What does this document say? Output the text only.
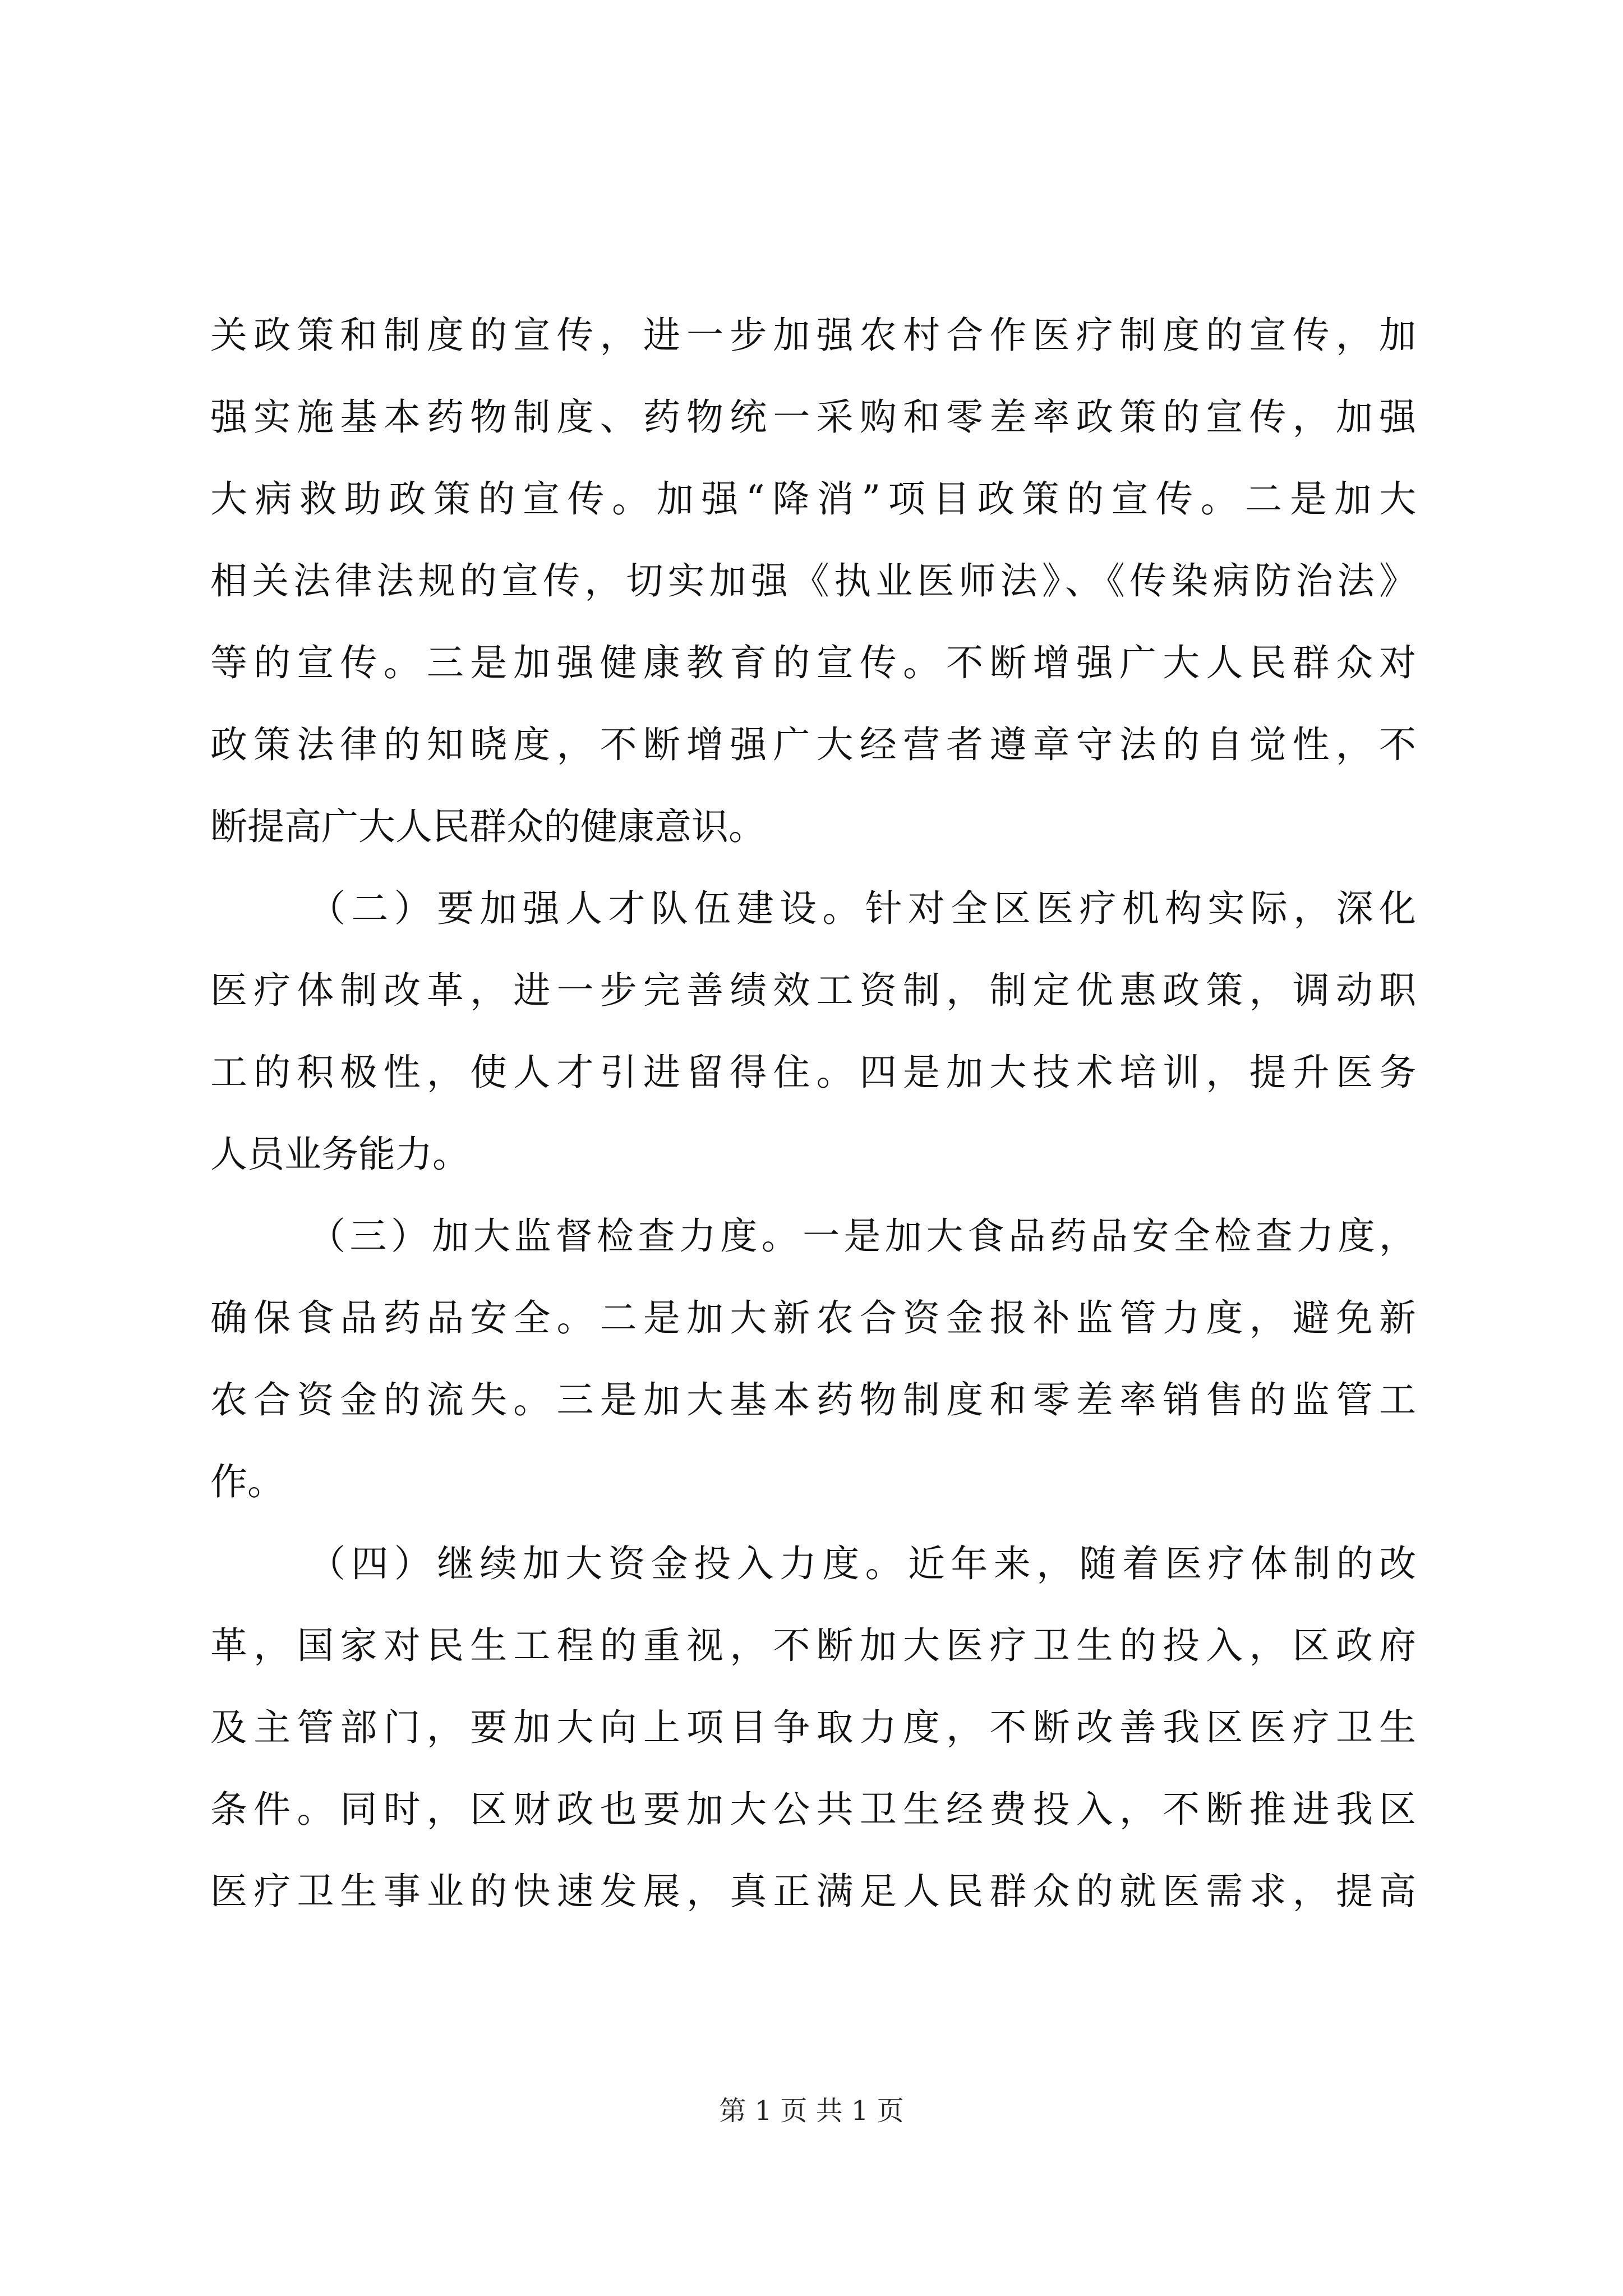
关政策和制度的宣传，进一步加强农村合作医疗制度的宣传，加
强实施基本药物制度、药物统一采购和零差率政策的宣传，加强
大病救助政策的宣传。加强“降消”项目政策的宣传。二是加大
相关法律法规的宣传，切实加强《执业医师法》、《传染病防治法》
等的宣传。三是加强健康教育的宣传。不断增强广大人民群众对
政策法律的知晓度，不断增强广大经营者遵章守法的自觉性，不
断提高广大人民群众的健康意识。
（二）要加强人才队伍建设。针对全区医疗机构实际，深化
医疗体制改革，进一步完善绩效工资制，制定优惠政策，调动职
工的积极性，使人才引进留得住。四是加大技术培训，提升医务
人员业务能力。
（三）加大监督检查力度。一是加大食品药品安全检查力度，
确保食品药品安全。二是加大新农合资金报补监管力度，避免新
农合资金的流失。三是加大基本药物制度和零差率销售的监管工
作。
（四）继续加大资金投入力度。近年来，随着医疗体制的改
革，国家对民生工程的重视，不断加大医疗卫生的投入，区政府
及主管部门，要加大向上项目争取力度，不断改善我区医疗卫生
条件。同时，区财政也要加大公共卫生经费投入，不断推进我区
医疗卫生事业的快速发展，真正满足人民群众的就医需求，提高
第 1 页 共 1 页
